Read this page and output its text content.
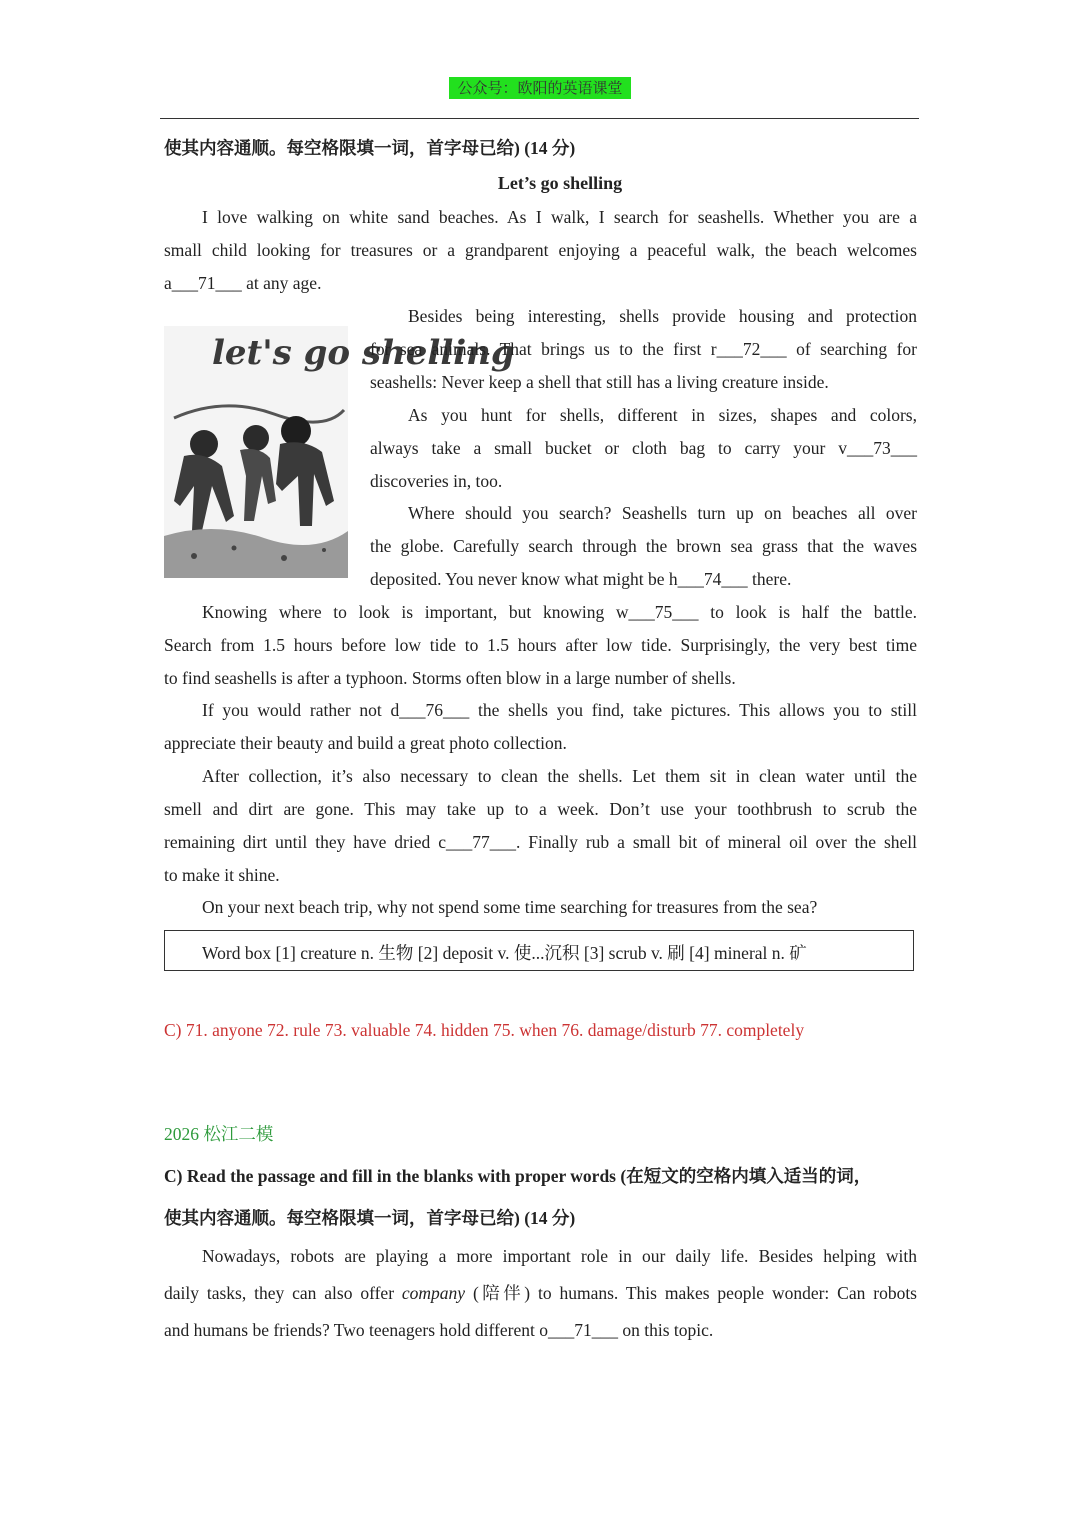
公众号：欧阳的英语课堂
使其内容通顺。每空格限填一词，首字母已给) (14 分)
Let’s go shelling
I love walking on white sand beaches. As I walk, I search for seashells. Whether you are a
small child looking for treasures or a grandparent enjoying a peaceful walk, the beach welcomes
a___71___ at any age.
let's go shelling
Besides being interesting, shells provide housing and protection
for sea animals. That brings us to the first r___72___ of searching for
seashells: Never keep a shell that still has a living creature inside.
As you hunt for shells, different in sizes, shapes and colors,
always take a small bucket or cloth bag to carry your v___73___
discoveries in, too.
Where should you search? Seashells turn up on beaches all over
the globe. Carefully search through the brown sea grass that the waves
deposited. You never know what might be h___74___ there.
Knowing where to look is important, but knowing w___75___ to look is half the battle.
Search from 1.5 hours before low tide to 1.5 hours after low tide. Surprisingly, the very best time
to find seashells is after a typhoon. Storms often blow in a large number of shells.
If you would rather not d___76___ the shells you find, take pictures. This allows you to still
appreciate their beauty and build a great photo collection.
After collection, it’s also necessary to clean the shells. Let them sit in clean water until the
smell and dirt are gone. This may take up to a week. Don’t use your toothbrush to scrub the
remaining dirt until they have dried c___77___. Finally rub a small bit of mineral oil over the shell
to make it shine.
On your next beach trip, why not spend some time searching for treasures from the sea?
Word box [1] creature n. 生物 [2] deposit v. 使...沉积 [3] scrub v. 刷 [4] mineral n. 矿
C) 71. anyone 72. rule 73. valuable 74. hidden 75. when 76. damage/disturb 77. completely
2026 松江二模
C) Read the passage and fill in the blanks with proper words (在短文的空格内填入适当的词，
使其内容通顺。每空格限填一词，首字母已给) (14 分)
Nowadays, robots are playing a more important role in our daily life. Besides helping with
daily tasks, they can also offer company (陪伴) to humans. This makes people wonder: Can robots
and humans be friends? Two teenagers hold different o___71___ on this topic.
